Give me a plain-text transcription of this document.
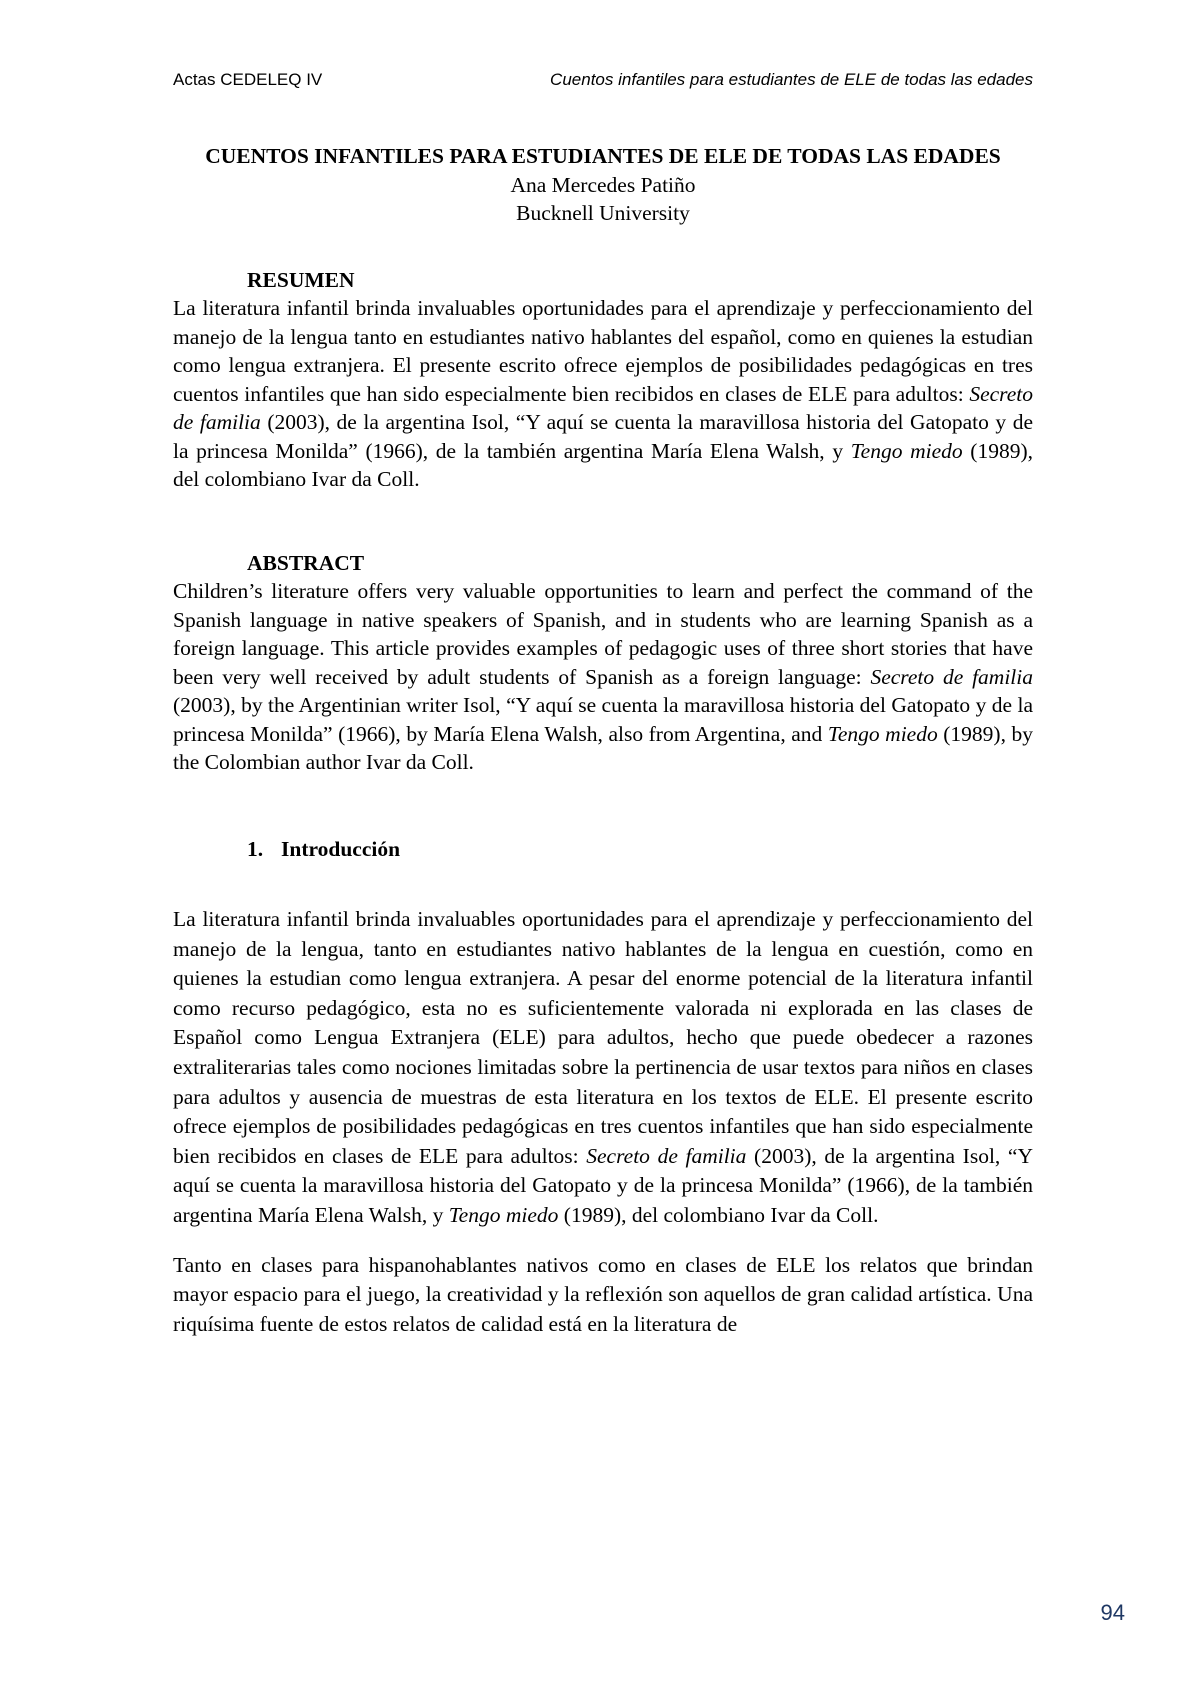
Actas CEDELEQ IV	Cuentos infantiles para estudiantes de ELE de todas las edades
CUENTOS INFANTILES PARA ESTUDIANTES DE ELE DE TODAS LAS EDADES
Ana Mercedes Patiño
Bucknell University
RESUMEN
La literatura infantil brinda invaluables oportunidades para el aprendizaje y perfeccionamiento del manejo de la lengua tanto en estudiantes nativo hablantes del español, como en quienes la estudian como lengua extranjera. El presente escrito ofrece ejemplos de posibilidades pedagógicas en tres cuentos infantiles que han sido especialmente bien recibidos en clases de ELE para adultos: Secreto de familia (2003), de la argentina Isol, “Y aquí se cuenta la maravillosa historia del Gatopato y de la princesa Monilda” (1966), de la también argentina María Elena Walsh, y Tengo miedo (1989), del colombiano Ivar da Coll.
ABSTRACT
Children’s literature offers very valuable opportunities to learn and perfect the command of the Spanish language in native speakers of Spanish, and in students who are learning Spanish as a foreign language. This article provides examples of pedagogic uses of three short stories that have been very well received by adult students of Spanish as a foreign language: Secreto de familia (2003), by the Argentinian writer Isol, “Y aquí se cuenta la maravillosa historia del Gatopato y de la princesa Monilda” (1966), by María Elena Walsh, also from Argentina, and Tengo miedo (1989), by the Colombian author Ivar da Coll.
1. Introducción
La literatura infantil brinda invaluables oportunidades para el aprendizaje y perfeccionamiento del manejo de la lengua, tanto en estudiantes nativo hablantes de la lengua en cuestión, como en quienes la estudian como lengua extranjera. A pesar del enorme potencial de la literatura infantil como recurso pedagógico, esta no es suficientemente valorada ni explorada en las clases de Español como Lengua Extranjera (ELE) para adultos, hecho que puede obedecer a razones extraliterarias tales como nociones limitadas sobre la pertinencia de usar textos para niños en clases para adultos y ausencia de muestras de esta literatura en los textos de ELE. El presente escrito ofrece ejemplos de posibilidades pedagógicas en tres cuentos infantiles que han sido especialmente bien recibidos en clases de ELE para adultos: Secreto de familia (2003), de la argentina Isol, “Y aquí se cuenta la maravillosa historia del Gatopato y de la princesa Monilda” (1966), de la también argentina María Elena Walsh, y Tengo miedo (1989), del colombiano Ivar da Coll.
Tanto en clases para hispanohablantes nativos como en clases de ELE los relatos que brindan mayor espacio para el juego, la creatividad y la reflexión son aquellos de gran calidad artística. Una riquísima fuente de estos relatos de calidad está en la literatura de
94
